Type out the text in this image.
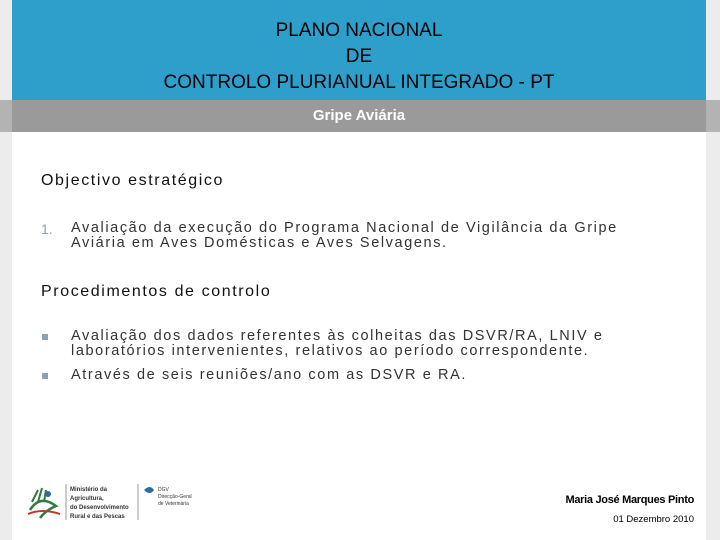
PLANO NACIONAL
DE
CONTROLO PLURIANUAL INTEGRADO - PT
Gripe Aviária
Objectivo estratégico
1. Avaliação da execução do Programa Nacional de Vigilância da Gripe
Aviária em Aves Domésticas e Aves Selvagens.
Procedimentos de controlo
Avaliação dos dados referentes às colheitas das DSVR/RA, LNIV e
laboratórios intervenientes, relativos ao período correspondente.
Através de seis reuniões/ano com as DSVR e RA.
Ministério da
Agricultura,
do Desenvolvimento
Rural e das Pescas
DGV
Direcção-Geral
de Veterinária	Maria José Marques Pinto
01 Dezembro 2010
